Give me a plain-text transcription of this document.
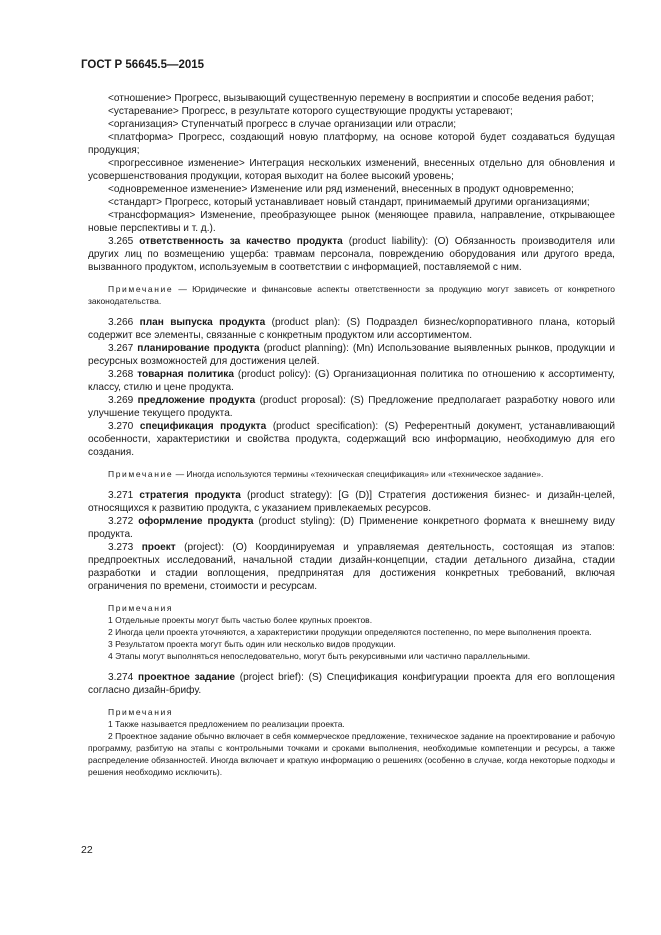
ГОСТ Р 56645.5—2015

<отношение> Прогресс, вызывающий существенную перемену в восприятии и способе ведения работ;

<устаревание> Прогресс, в результате которого существующие продукты устаревают;

<организация> Ступенчатый прогресс в случае организации или отрасли;

<платформа> Прогресс, создающий новую платформу, на основе которой будет создаваться будущая продукция;

<прогрессивное изменение> Интеграция нескольких изменений, внесенных отдельно для обновления и усовершенствования продукции, которая выходит на более высокий уровень;

<одновременное изменение> Изменение или ряд изменений, внесенных в продукт одновременно;

<стандарт> Прогресс, который устанавливает новый стандарт, принимаемый другими организациями;

<трансформация> Изменение, преобразующее рынок (меняющее правила, направление, открывающее новые перспективы и т. д.).

3.265 ответственность за качество продукта (product liability): (O) Обязанность производителя или других лиц по возмещению ущерба: травмам персонала, повреждению оборудования или другого вреда, вызванного продуктом, используемым в соответствии с информацией, поставляемой с ним.

Примечание — Юридические и финансовые аспекты ответственности за продукцию могут зависеть от конкретного законодательства.

3.266 план выпуска продукта (product plan): (S) Подраздел бизнес/корпоративного плана, который содержит все элементы, связанные с конкретным продуктом или ассортиментом.

3.267 планирование продукта (product planning): (Mn) Использование выявленных рынков, продукции и ресурсных возможностей для достижения целей.

3.268 товарная политика (product policy): (G) Организационная политика по отношению к ассортименту, классу, стилю и цене продукта.

3.269 предложение продукта (product proposal): (S) Предложение предполагает разработку нового или улучшение текущего продукта.

3.270 спецификация продукта (product specification): (S) Референтный документ, устанавливающий особенности, характеристики и свойства продукта, содержащий всю информацию, необходимую для его создания.

Примечание — Иногда используются термины «техническая спецификация» или «техническое задание».

3.271 стратегия продукта (product strategy): [G (D)] Стратегия достижения бизнес- и дизайн-целей, относящихся к развитию продукта, с указанием привлекаемых ресурсов.

3.272 оформление продукта (product styling): (D) Применение конкретного формата к внешнему виду продукта.

3.273 проект (project): (O) Координируемая и управляемая деятельность, состоящая из этапов: предпроектных исследований, начальной стадии дизайн-концепции, стадии детального дизайна, стадии разработки и стадии воплощения, предпринятая для достижения конкретных требований, включая ограничения по времени, стоимости и ресурсам.

Примечания

1 Отдельные проекты могут быть частью более крупных проектов.

2 Иногда цели проекта уточняются, а характеристики продукции определяются постепенно, по мере выполнения проекта.

3 Результатом проекта могут быть один или несколько видов продукции.

4 Этапы могут выполняться непоследовательно, могут быть рекурсивными или частично параллельными.

3.274 проектное задание (project brief): (S) Спецификация конфигурации проекта для его воплощения согласно дизайн-брифу.

Примечания

1 Также называется предложением по реализации проекта.

2 Проектное задание обычно включает в себя коммерческое предложение, техническое задание на проектирование и рабочую программу, разбитую на этапы с контрольными точками и сроками выполнения, необходимые компетенции и ресурсы, а также распределение обязанностей. Иногда включает и краткую информацию о решениях (особенно в случае, когда некоторые подходы и решения необходимо исключить).

22
